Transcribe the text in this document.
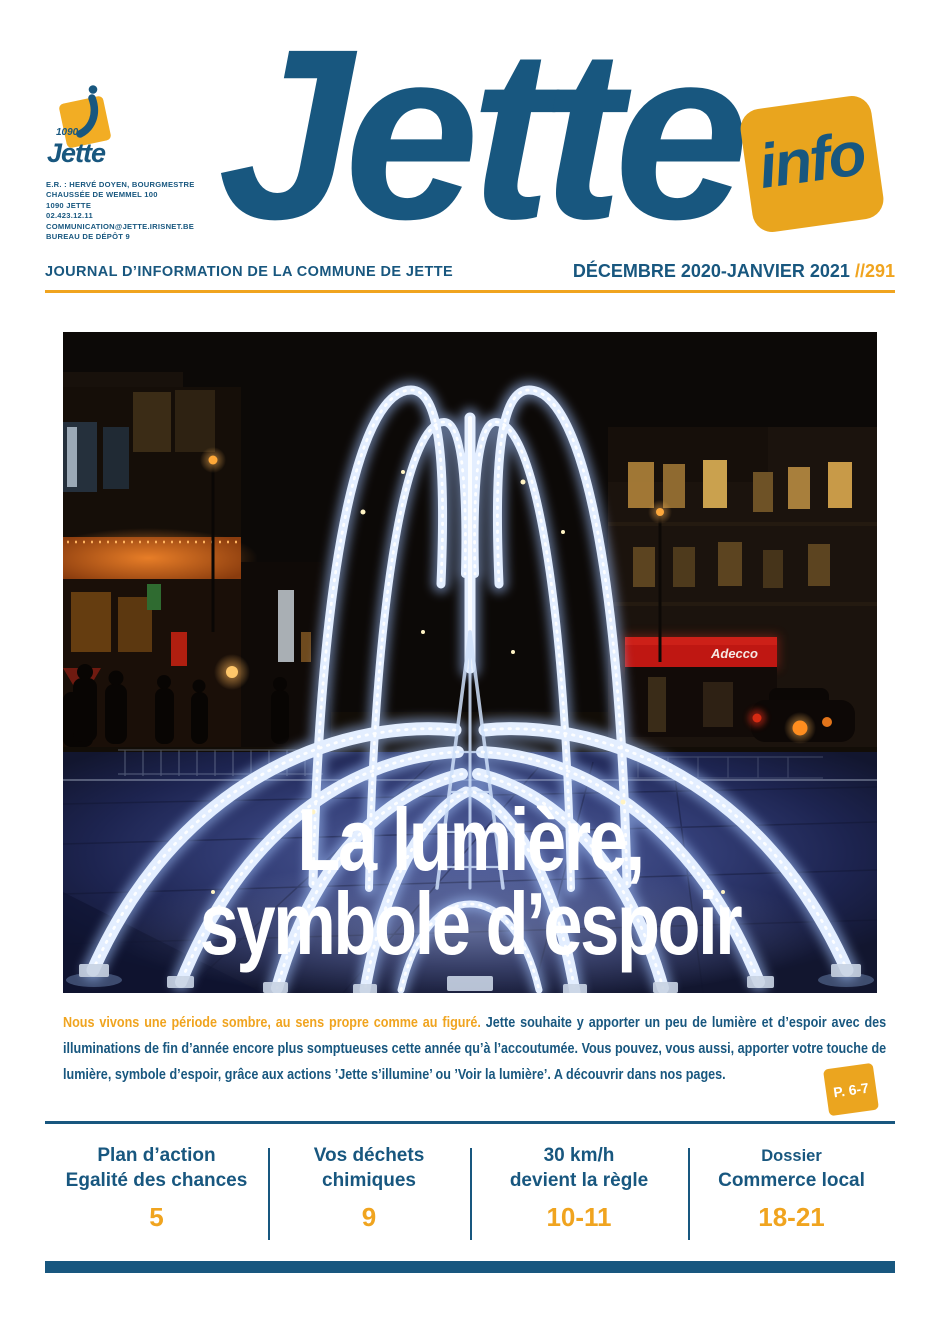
1090
Jette
E.R. : HERVÉ DOYEN, BOURGMESTRE
CHAUSSÉE DE WEMMEL 100
1090 JETTE
02.423.12.11
COMMUNICATION@JETTE.IRISNET.BE
BUREAU DE DÉPÔT 9 Jette info
JOURNAL D’INFORMATION DE LA COMMUNE DE JETTE	DÉCEMBRE 2020-JANVIER 2021 //291
Adecco
La lumière,
symbole d’espoir

Nous vivons une période sombre, au sens propre comme au figuré. Jette souhaite y apporter un peu de lumière et d’espoir avec des illuminations de fin d’année encore plus somptueuses cette année qu’à l’accoutumée. Vous pouvez, vous aussi, apporter votre touche de lumière, symbole d’espoir, grâce aux actions ’Jette s’illumine’ ou ’Voir la lumière’. A découvrir dans nos pages.

P. 6-7
Plan d’action
Egalité des chances
5
Vos déchets
chimiques
9
30 km/h
devient la règle
10-11
Dossier
Commerce local
18-21
